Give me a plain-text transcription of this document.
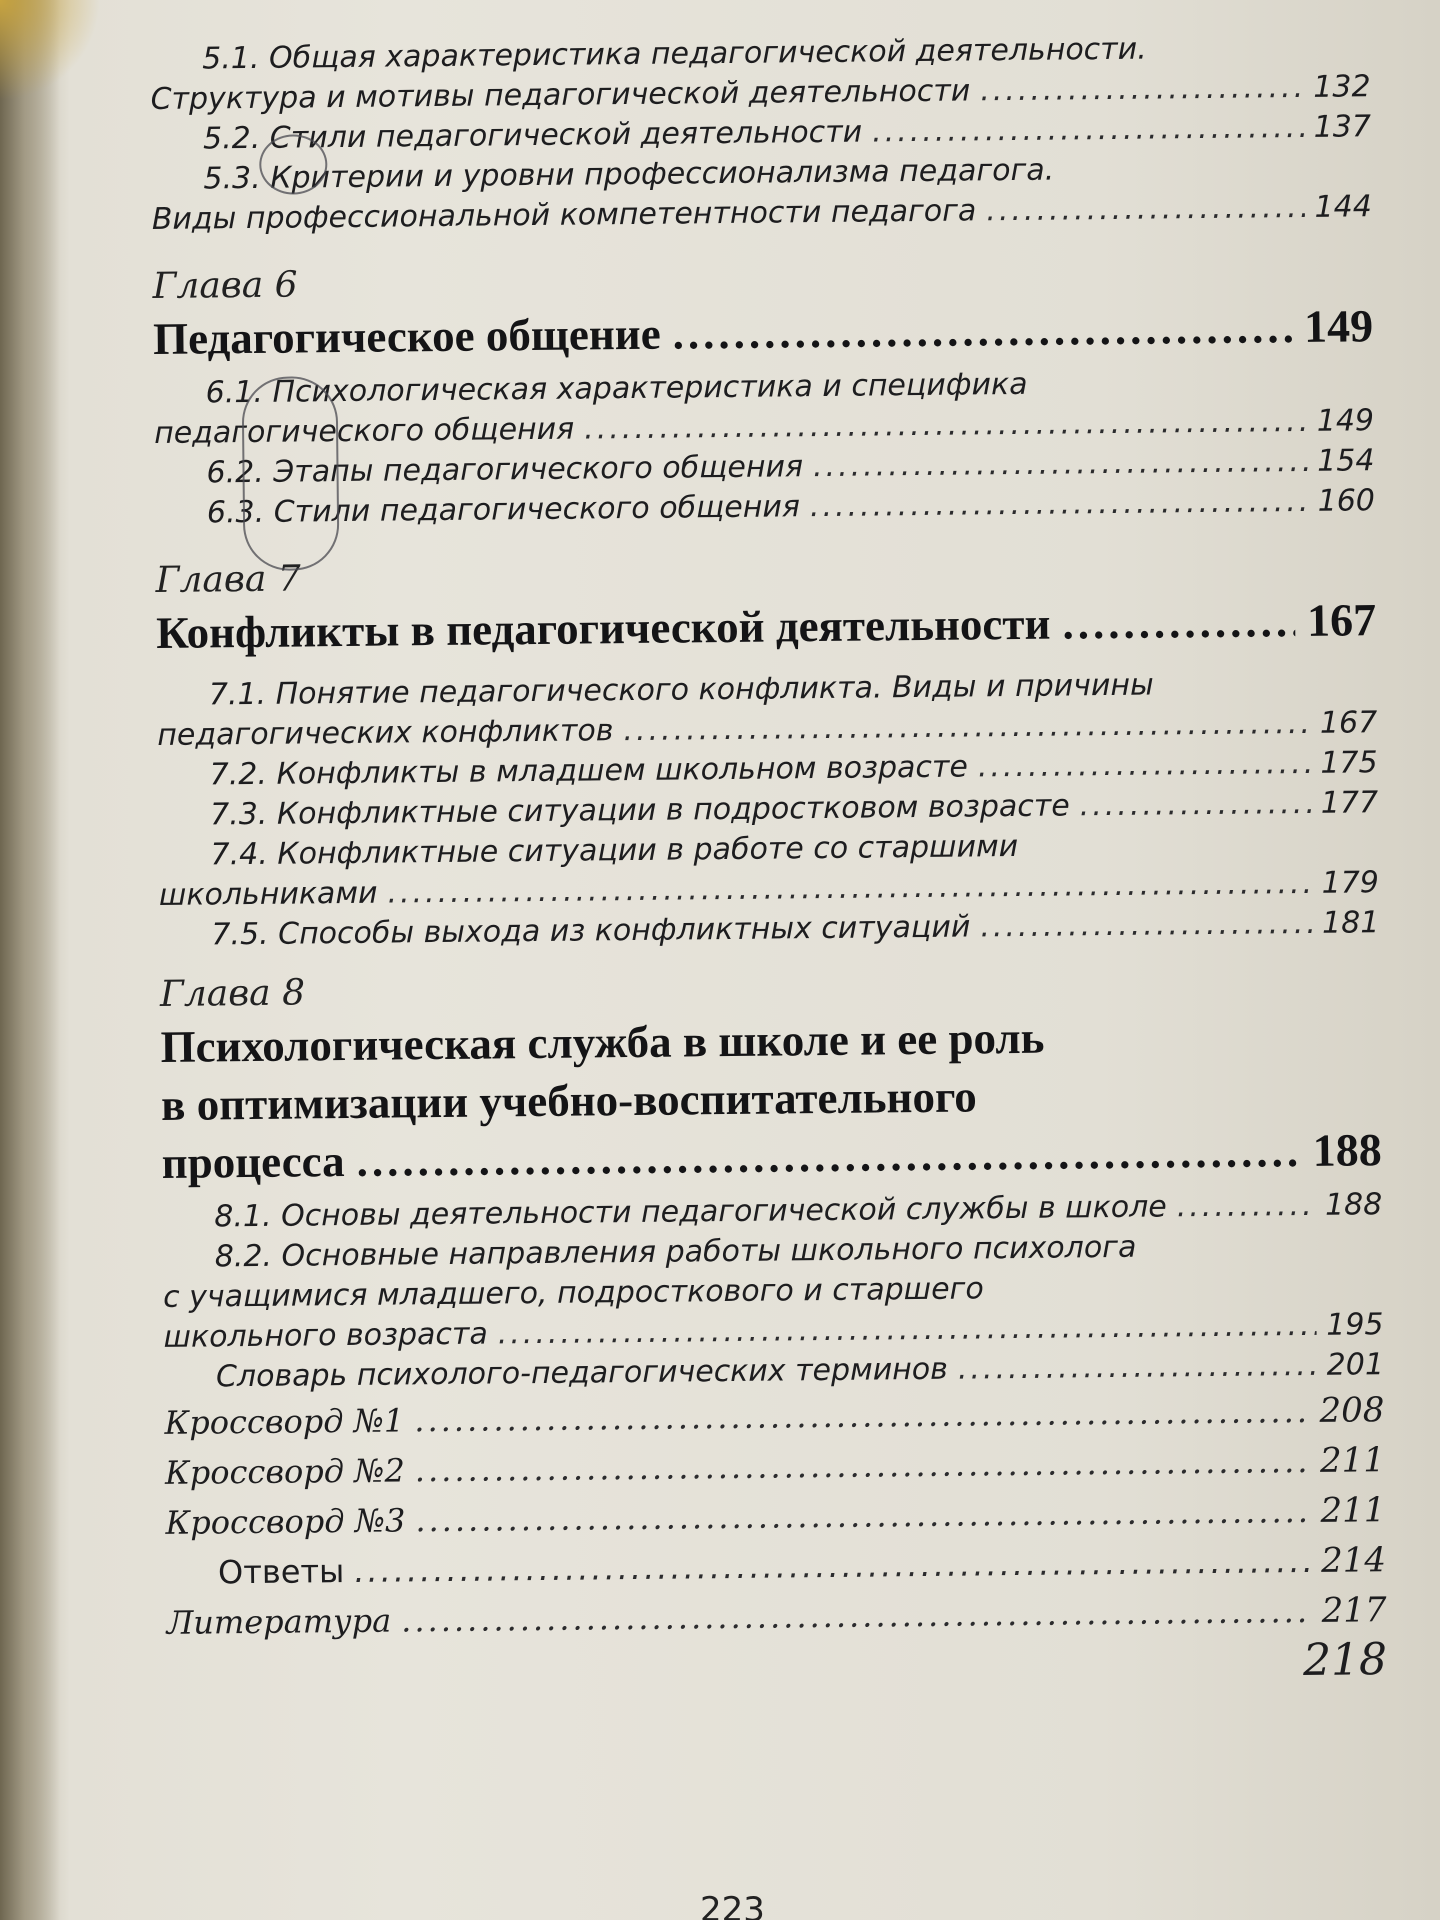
5.1. Общая характеристика педагогической деятельности.
Структура и мотивы педагогической деятельности .....	132
5.2. Стили педагогической деятельности .....	137
5.3. Критерии и уровни профессионализма педагога.
Виды профессиональной компетентности педагога .....	144
Глава 6
Педагогическое общение .....	149
6.1. Психологическая характеристика и специфика
педагогического общения .....	149
6.2. Этапы педагогического общения .....	154
6.3. Стили педагогического общения .....	160
Глава 7
Конфликты в педагогической деятельности .....	167
7.1. Понятие педагогического конфликта. Виды и причины
педагогических конфликтов .....	167
7.2. Конфликты в младшем школьном возрасте .....	175
7.3. Конфликтные ситуации в подростковом возрасте .....	177
7.4. Конфликтные ситуации в работе со старшими
школьниками .....	179
7.5. Способы выхода из конфликтных ситуаций .....	181
Глава 8
Психологическая служба в школе и ее роль
в оптимизации учебно-воспитательного
процесса .....	188
8.1. Основы деятельности педагогической службы в школе .....	188
8.2. Основные направления работы школьного психолога
с учащимися младшего, подросткового и старшего
школьного возраста .....	195
Словарь психолого-педагогических терминов .....	201
Кроссворд №1 .....	208
Кроссворд №2 .....	211
Кроссворд №3 .....	211
Ответы .....	214
Литература .....	217
218
223
